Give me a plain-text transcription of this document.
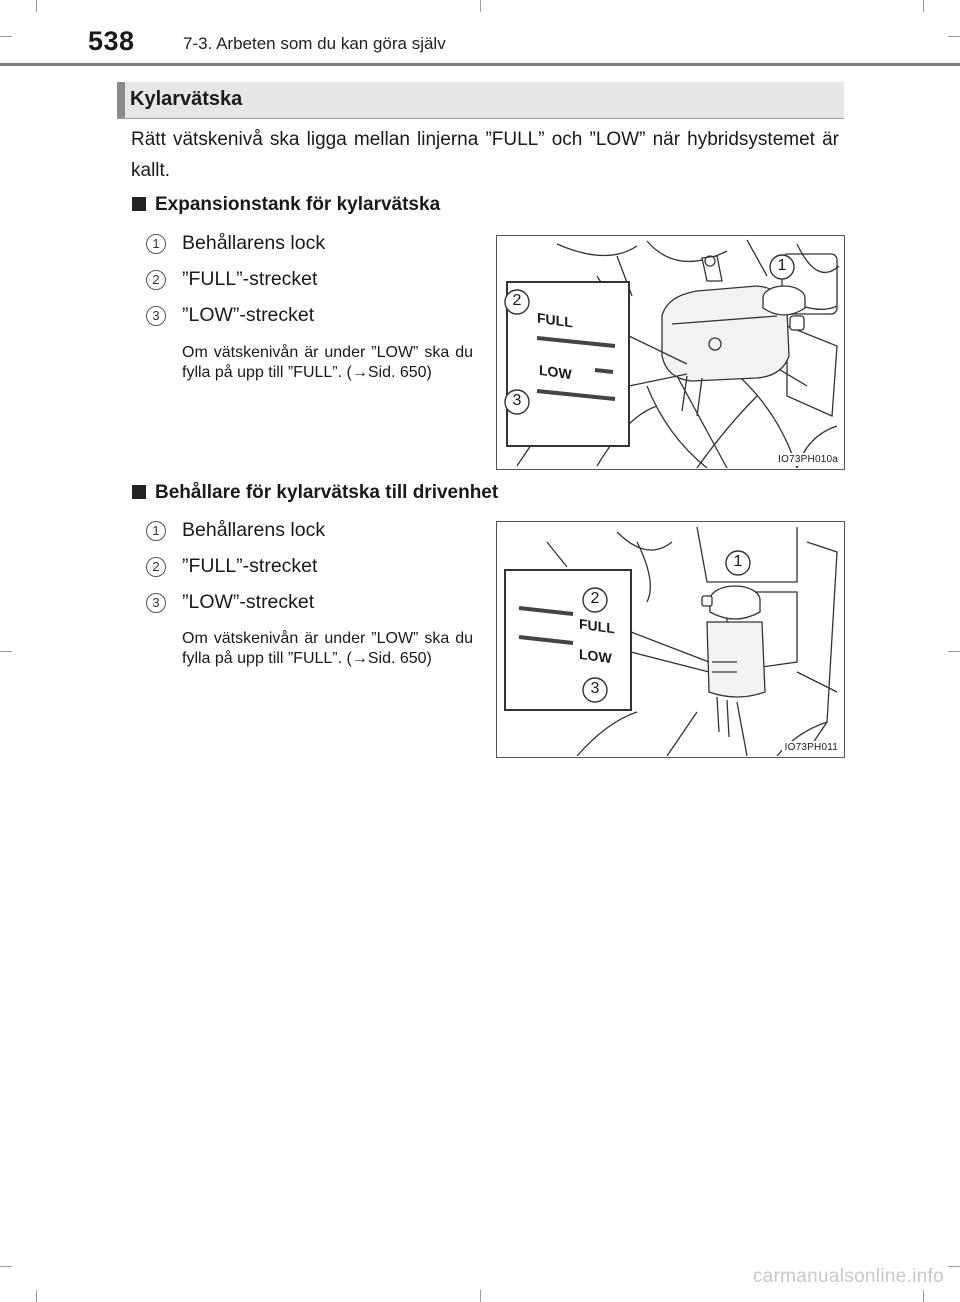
538	7-3. Arbeten som du kan göra själv
Kylarvätska
Rätt vätskenivå ska ligga mellan linjerna ”FULL” och ”LOW” när hybridsystemet är kallt.
Expansionstank för kylarvätska
1	Behållarens lock
2	”FULL”-strecket
3	”LOW”-strecket
Om vätskenivån är under ”LOW” ska du fylla på upp till ”FULL”. (→Sid. 650)
1
2
3
FULL
LOW
IO73PH010a
Behållare för kylarvätska till drivenhet
1	Behållarens lock
2	”FULL”-strecket
3	”LOW”-strecket
Om vätskenivån är under ”LOW” ska du fylla på upp till ”FULL”. (→Sid. 650)
1
2
3
FULL
LOW
IO73PH011
carmanualsonline.info
